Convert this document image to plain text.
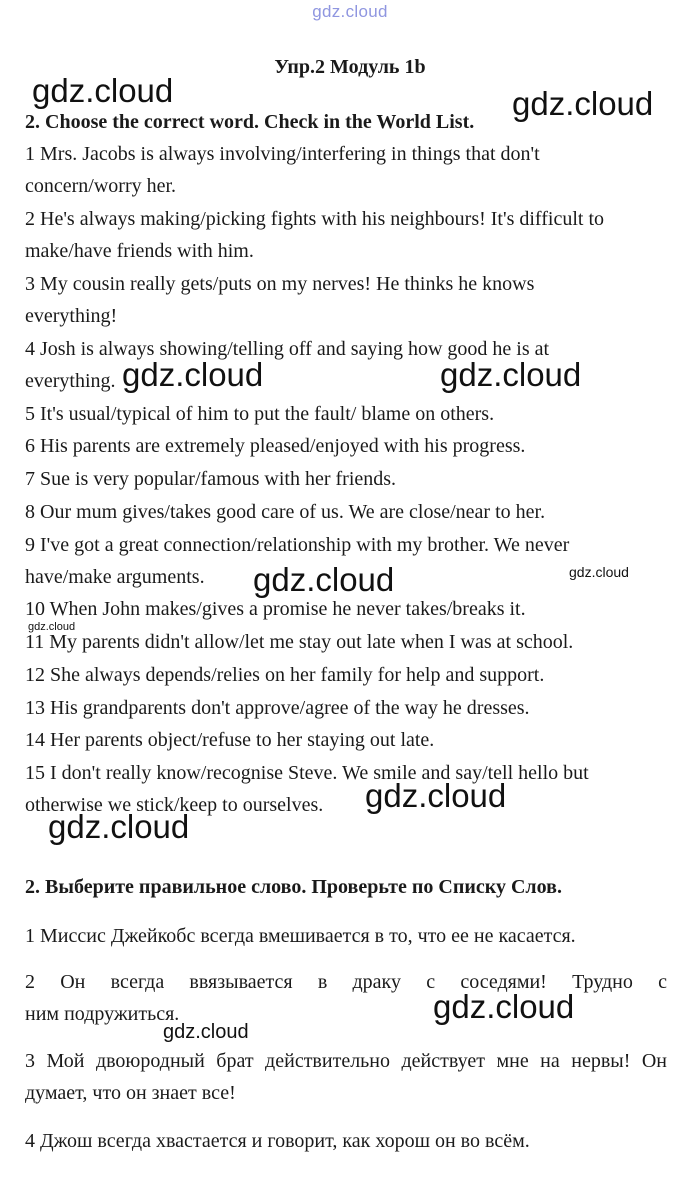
gdz.cloud
Упр.2 Модуль 1b
2. Choose the correct word. Check in the World List.
1 Mrs. Jacobs is always involving/interfering in things that don't
concern/worry her.
2 He's always making/picking fights with his neighbours! It's difficult to
make/have friends with him.
3 My cousin really gets/puts on my nerves! He thinks he knows
everything!
4 Josh is always showing/telling off and saying how good he is at
everything.
5 It's usual/typical of him to put the fault/ blame on others.
6 His parents are extremely pleased/enjoyed with his progress.
7 Sue is very popular/famous with her friends.
8 Our mum gives/takes good care of us. We are close/near to her.
9 I've got a great connection/relationship with my brother. We never
have/make arguments.
10 When John makes/gives a promise he never takes/breaks it.
11 My parents didn't allow/let me stay out late when I was at school.
12 She always depends/relies on her family for help and support.
13 His grandparents don't approve/agree of the way he dresses.
14 Her parents object/refuse to her staying out late.
15 I don't really know/recognise Steve. We smile and say/tell hello but
otherwise we stick/keep to ourselves.
2. Выберите правильное слово. Проверьте по Списку Слов.
1 Миссис Джейкобс всегда вмешивается в то, что ее не касается.
2 Он всегда ввязывается в драку с соседями! Трудно с
ним подружиться.
3 Мой двоюродный брат действительно действует мне на нервы! Он
думает, что он знает все!
4 Джош всегда хвастается и говорит, как хорош он во всём.
gdz.cloud	gdz.cloud
gdz.cloud	gdz.cloud
gdz.cloud	gdz.cloud
gdz.cloud
gdz.cloud
gdz.cloud
gdz.cloud
gdz.cloud
